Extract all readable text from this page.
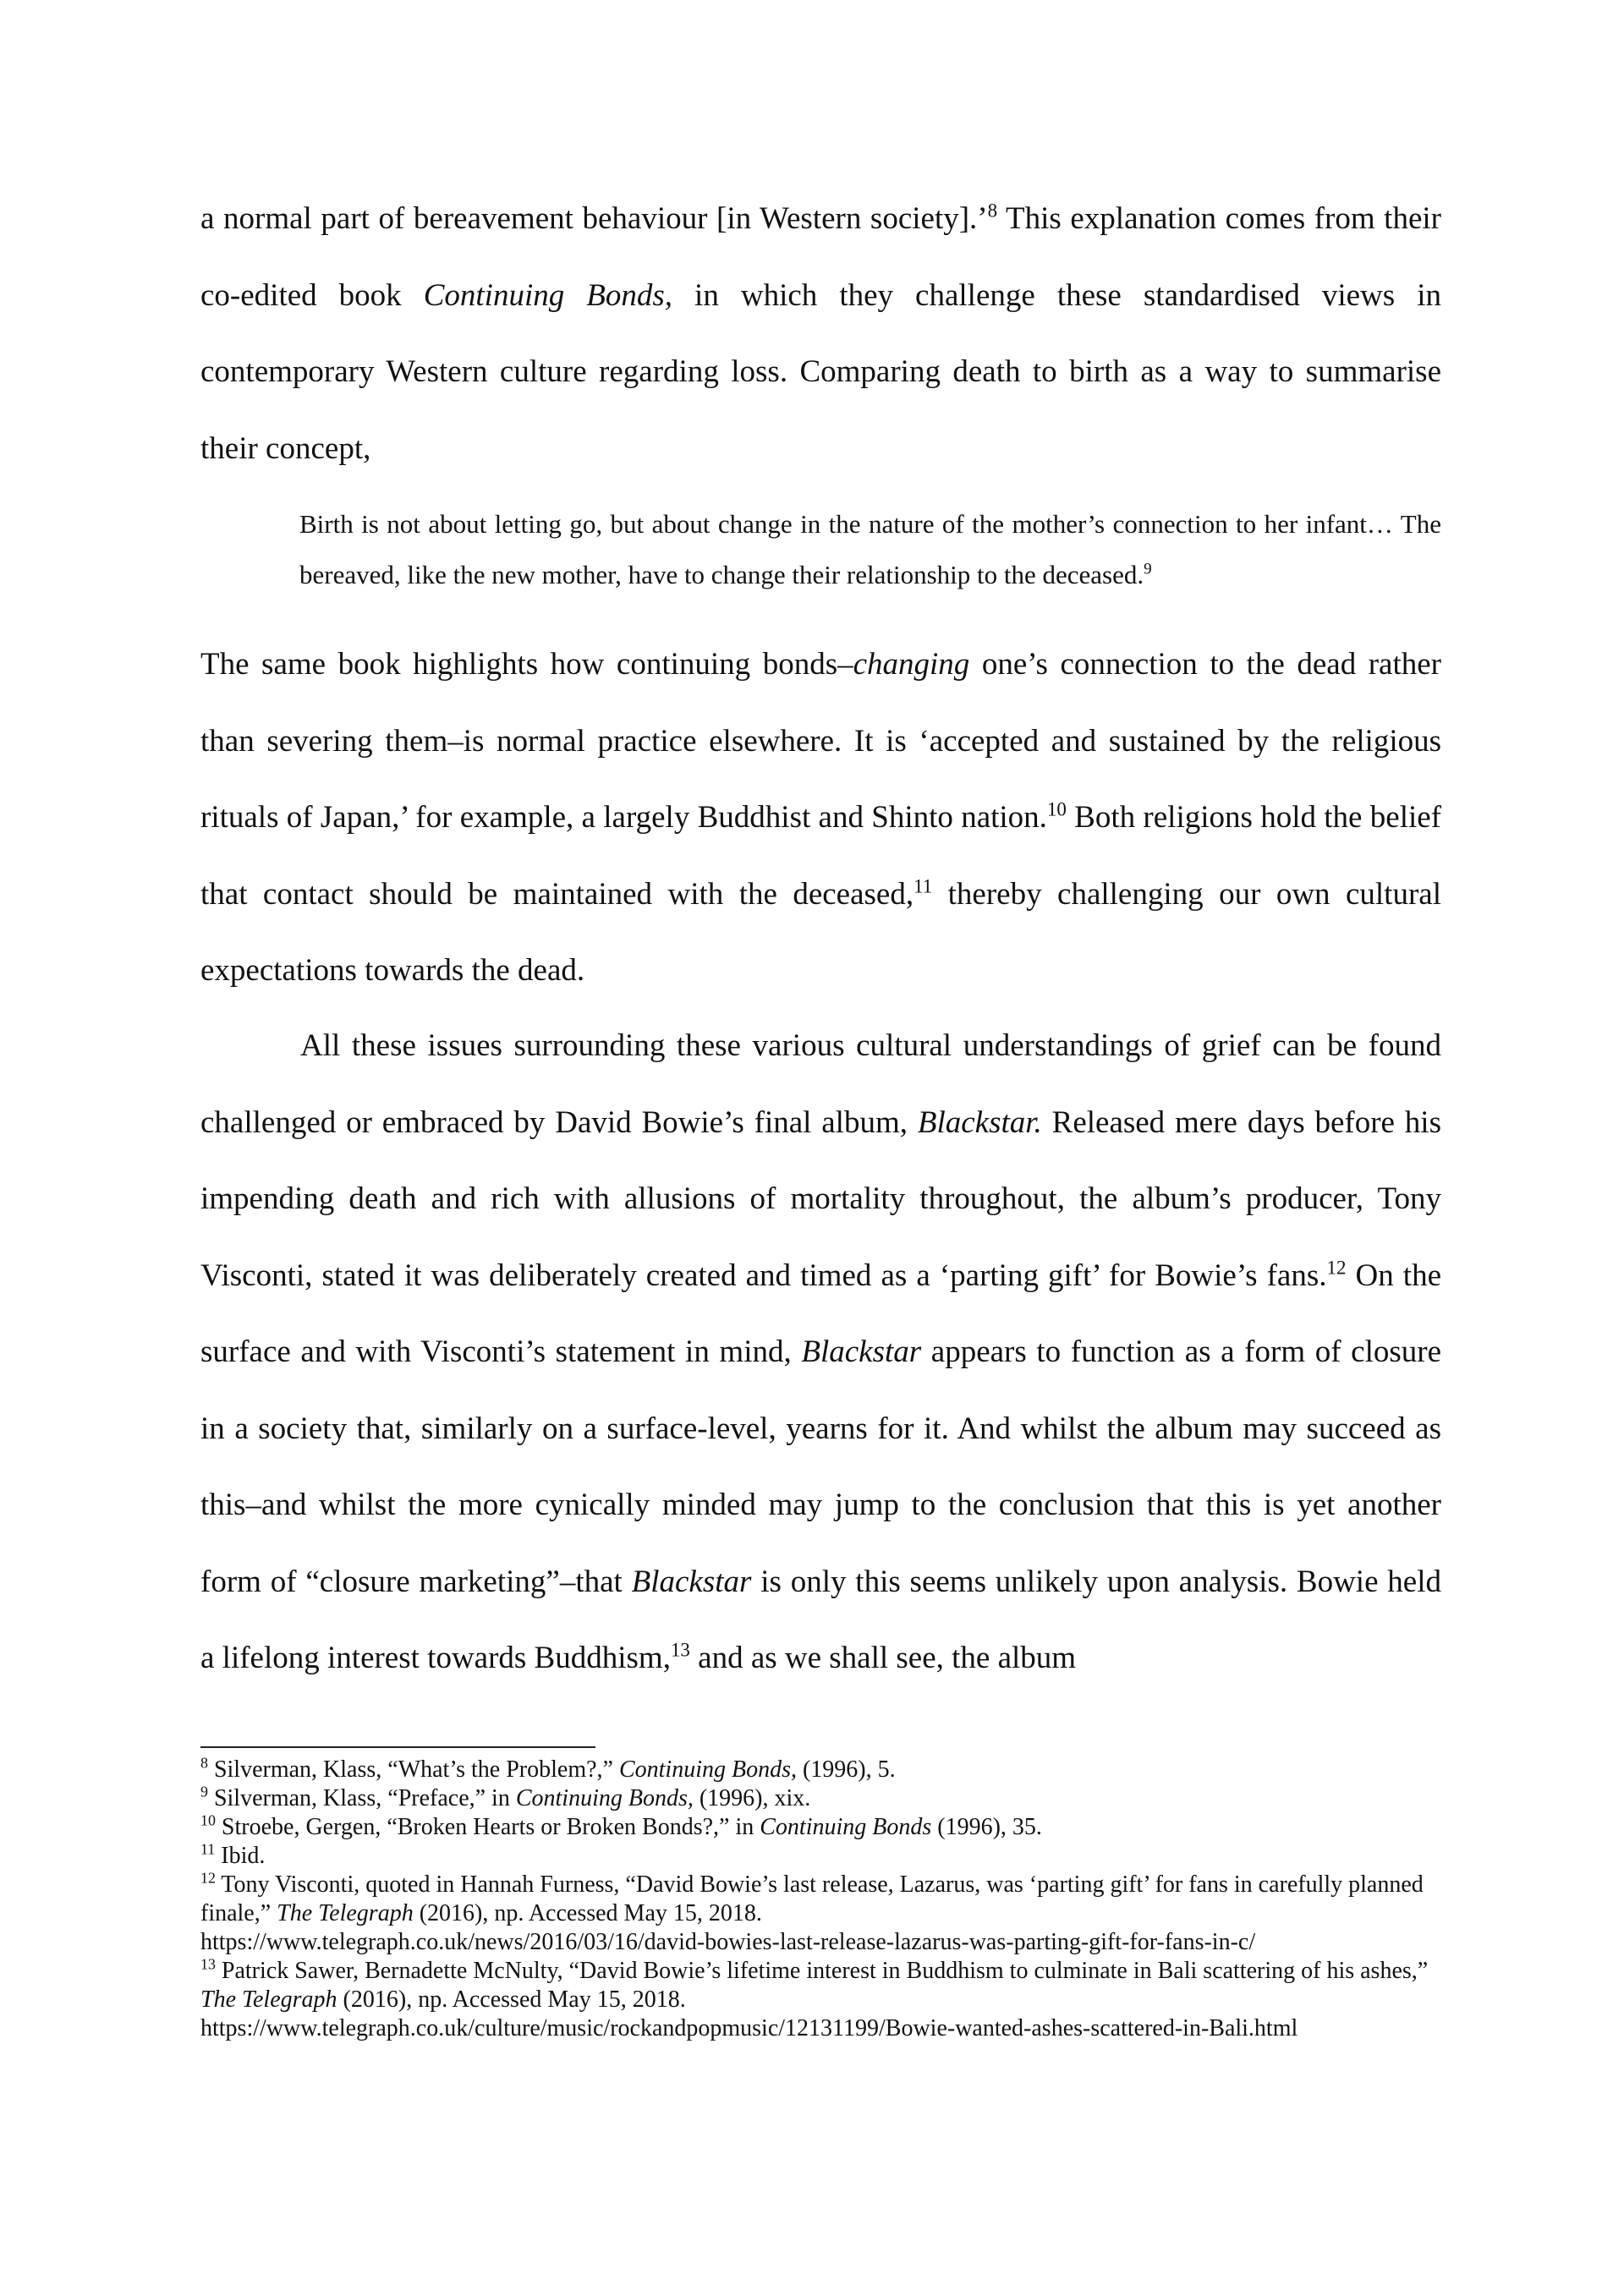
a normal part of bereavement behaviour [in Western society].’$^8$ This explanation comes from their co-edited book Continuing Bonds, in which they challenge these standardised views in contemporary Western culture regarding loss. Comparing death to birth as a way to summarise their concept,

Birth is not about letting go, but about change in the nature of the mother’s connection to her infant… The bereaved, like the new mother, have to change their relationship to the deceased.$^9$

The same book highlights how continuing bonds–changing one’s connection to the dead rather than severing them–is normal practice elsewhere. It is ‘accepted and sustained by the religious rituals of Japan,’ for example, a largely Buddhist and Shinto nation.$^{10}$ Both religions hold the belief that contact should be maintained with the deceased,$^{11}$ thereby challenging our own cultural expectations towards the dead.

All these issues surrounding these various cultural understandings of grief can be found challenged or embraced by David Bowie’s final album, Blackstar. Released mere days before his impending death and rich with allusions of mortality throughout, the album’s producer, Tony Visconti, stated it was deliberately created and timed as a ‘parting gift’ for Bowie’s fans.$^{12}$ On the surface and with Visconti’s statement in mind, Blackstar appears to function as a form of closure in a society that, similarly on a surface-level, yearns for it. And whilst the album may succeed as this–and whilst the more cynically minded may jump to the conclusion that this is yet another form of “closure marketing”–that Blackstar is only this seems unlikely upon analysis. Bowie held a lifelong interest towards Buddhism,$^{13}$ and as we shall see, the album

$^8$ Silverman, Klass, “What’s the Problem?,” Continuing Bonds, (1996), 5.

$^9$ Silverman, Klass, “Preface,” in Continuing Bonds, (1996), xix.

$^{10}$ Stroebe, Gergen, “Broken Hearts or Broken Bonds?,” in Continuing Bonds (1996), 35.

$^{11}$ Ibid.

$^{12}$ Tony Visconti, quoted in Hannah Furness, “David Bowie’s last release, Lazarus, was ‘parting gift’ for fans in carefully planned finale,” The Telegraph (2016), np. Accessed May 15, 2018.
https://www.telegraph.co.uk/news/2016/03/16/david-bowies-last-release-lazarus-was-parting-gift-for-fans-in-c/

$^{13}$ Patrick Sawer, Bernadette McNulty, “David Bowie’s lifetime interest in Buddhism to culminate in Bali scattering of his ashes,” The Telegraph (2016), np. Accessed May 15, 2018.
https://www.telegraph.co.uk/culture/music/rockandpopmusic/12131199/Bowie-wanted-ashes-scattered-in-Bali.html
